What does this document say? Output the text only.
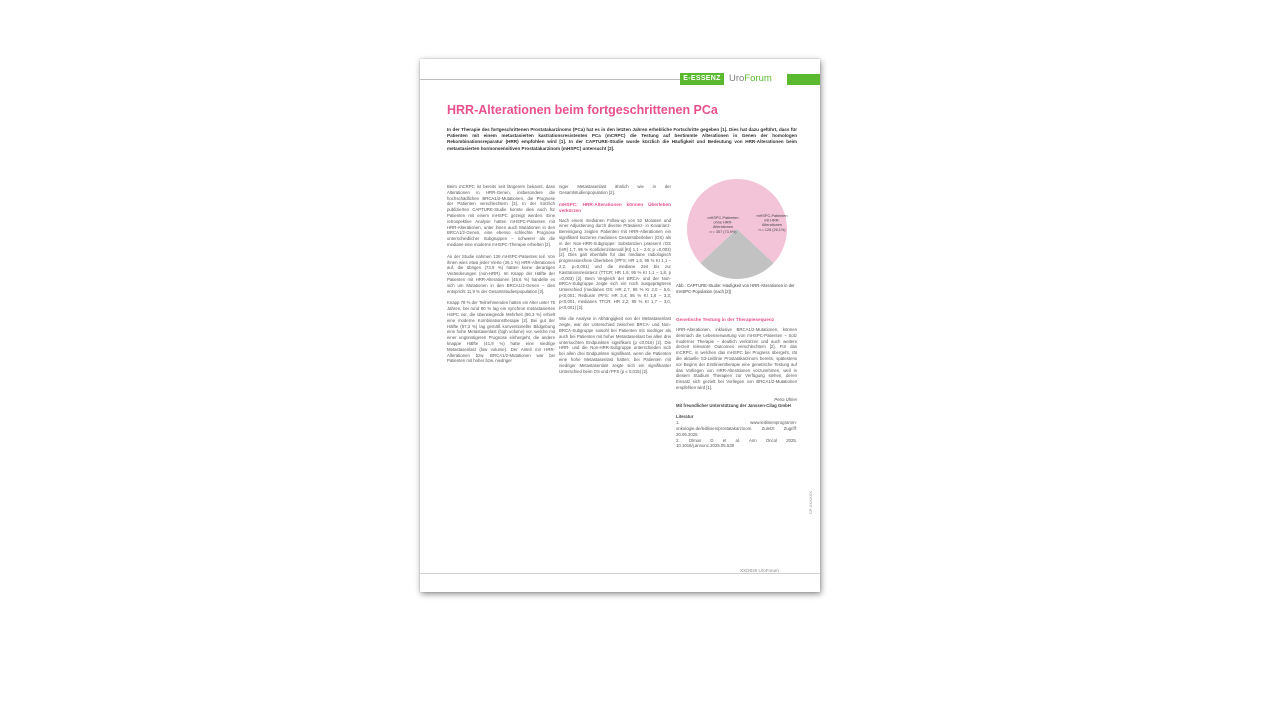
E-ESSENZ UroForum
HRR-Alterationen beim fortgeschrittenen PCa
In der Therapie des fortgeschrittenen Prostatakarzinoms (PCa) hat es in den letzten Jahren erhebliche Fortschritte gegeben [1]. Dies hat dazu geführt, dass für Patienten mit einem metastasierten kastrationsresistenten PCa (mCRPC) die Testung auf bestimmte Alterationen in Genen der homologen Rekombinationsreparatur (HRR) empfohlen wird [1]. In der CAPTURE-Studie wurde kürzlich die Häufigkeit und Bedeutung von HRR-Alterationen beim metastasierten hormonsensitiven Prostatakarzinom (mHSPC) untersucht [2].

Beim mCRPC ist bereits seit längerem bekannt, dass Alterationen in HRR-Genen, insbesondere die hochschädlichen BRCA1/2-Mutationen, die Prognose der Patienten verschlechtern [3]. In der kürzlich publizierten CAPTURE-Studie konnte dies auch für Patienten mit einem mHSPC gezeigt werden. Eine retrospektive Analyse hatten mHSPC-Patienten mit HRR-Alterationen, unter ihnen auch Mutationen in den BRCA1/2-Genen, eine ebenso schlechte Prognose unterschiedlicher Subgruppen – schwerer als die mediane eine moderne mHSPC-Therapie erhielten [2].

An der Studie nahmen 136 mHSPC-Patienten teil. Von ihnen wies etwa jeder Vierte (26,1 %) HRR-Alterationen auf, die übrigen (73,9 %) hatten keine derartigen Veränderungen (non-HRR). Im Knapp der Hälfte der Patienten mit HRR-Alterationen (45,6 %) handelte es sich um Mutationen in den BRCA1/2-Genen – dies entspricht 11,9 % der Gesamtstudienpopulation [2].

Knapp 78 % der Teilnehmenden hatten ein Alter unter 75 Jahren, bei rund 80 % lag ein synchron metastasiertes HSPC vor, die überwiegende Mehrheit (86,3 %) erhielt eine moderne Kombinationstherapie [2]. Bei gut der Hälfte (57,3 %) lag gemäß konventioneller Bildgebung eine hohe Metastasenlast (high volume) vor, welche mit einer ungünstigeren Prognose einhergeht, die andere knappe Hälfte (41,9 %) hatte eine niedrige Metastasenlast (low volume). Der Anteil mit HRR-Alterationen bzw. BRCA1/2-Mutationen war bei Patienten mit hoher bzw. niedriger

niger Metastasenlast ähnlich wie in der Gesamtstudienpopulation [2].

mHSPC: HRR-Alterationen können Überleben verkürzen

Nach einem medianen Follow-up von 52 Monaten und einer Adjustierung durch diverse Prävalenz- in Kovarianz-Bereinigung zeigten Patienten mit HRR-Alterationen ein signifikant kürzeres medianes Gesamtüberleben (OS) als in der Non-HRR-Subgruppe: Substanzien praesent rOS (HR) 1,7, 95 % Konfidenzintervall [KI] 1,1 – 2,6; p =0,003) [2]. Dies galt ebenfalls für das mediane radiologisch progressionsfreie Überleben (rPFS; HR 1,6, 95 % KI 1,1 – 2,2, p=0,001) und die mediane Zeit bis zur Kastrationsresistenz (TTCR; HR 1,6; 95 % KI 1,1 – 1,8, p =0,003) [2]. Beim Vergleich der BRCA- und der Non-BRCA-Subgruppe zeigte sich ein noch ausgeprägteres Unterschied (medianes OS: HR 2,7, 95 % KI 2,0 – 5,6, p<0,001; Rediusm rPFS: HR 3,4; 95 % KI 1,8 – 3,3; p<0,001, medianes TTCR: HR 2,2; 95 % KI 1,7 – 3,0, p<0,001) [2].

Wie die Analyse in Abhängigkeit von der Metastasenlast zeigte, war der Unterschied zwischen BRCA- und Non-BRCA-Subgruppe sowohl bei Patienten mit niedriger als auch bei Patienten mit hoher Metastasenlast bei allen drei untersuchten Endpunkten signifikant (p ≤0,016) [2]. Die HRR- und die Non-HRR-Subgruppe unterschieden sich bei allen drei Endpunkten signifikant, wenn die Patienten eine hohe Metastasenlast hatten; bei Patienten mit niedriger Metastasenlast zeigte sich ein signifikanter Unterschied beim OS und rPFS (p ≤ 0,015) [2].

mHSPC-Patienten ohne HRR-Alterationen n = 357 (73,9%)
mHSPC-Patienten mit HRR-Alterationen n = 126 (26,1%)
Abb.: CAPTURE-Studie: Häufigkeit von HRR-Alterationen in der mHSPC-Population (nach [2])
Genetische Testung in der Therapiesequenz

HRR-Alterationen, inklusive BRCA1/2-Mutationen, können demnach die Lebenserwartung von mHSPC-Patienten – trotz moderner Therapie – deutlich verkürzen und auch weitere derzeit relevante Outcomes verschlechtern [2]. Für das mCRPC, in welchen das mHSPC bei Progress übergeht, rät die aktuelle S3-Leitlinie Prostatakarzinom bereits, spätestens vor Beginn der Erstlinientherapie eine genetische Testung auf das Vorliegen von HRR-Alterationen vorzunehmen, weil in diesem Stadium Therapien zur Verfügung stehen, deren Einsatz sich gezielt bei Vorliegen von BRCA1/2-Mutationen empfehlen wird [1].

Petra Uhlen

Mit freundlicher Unterstützung der Janssen-Cilag GmbH

Literatur
1. www.leitlinienprogramm-onkologie.de/leitlinien/prostatakarzinom. Zuletzt Zugriff: 20.06.2025
2. Olmos D et al. Ann Oncol 2025. 10.1016/j.annonc.2025.05.538
CP-XXXXXX
XX/2025 UroForum
